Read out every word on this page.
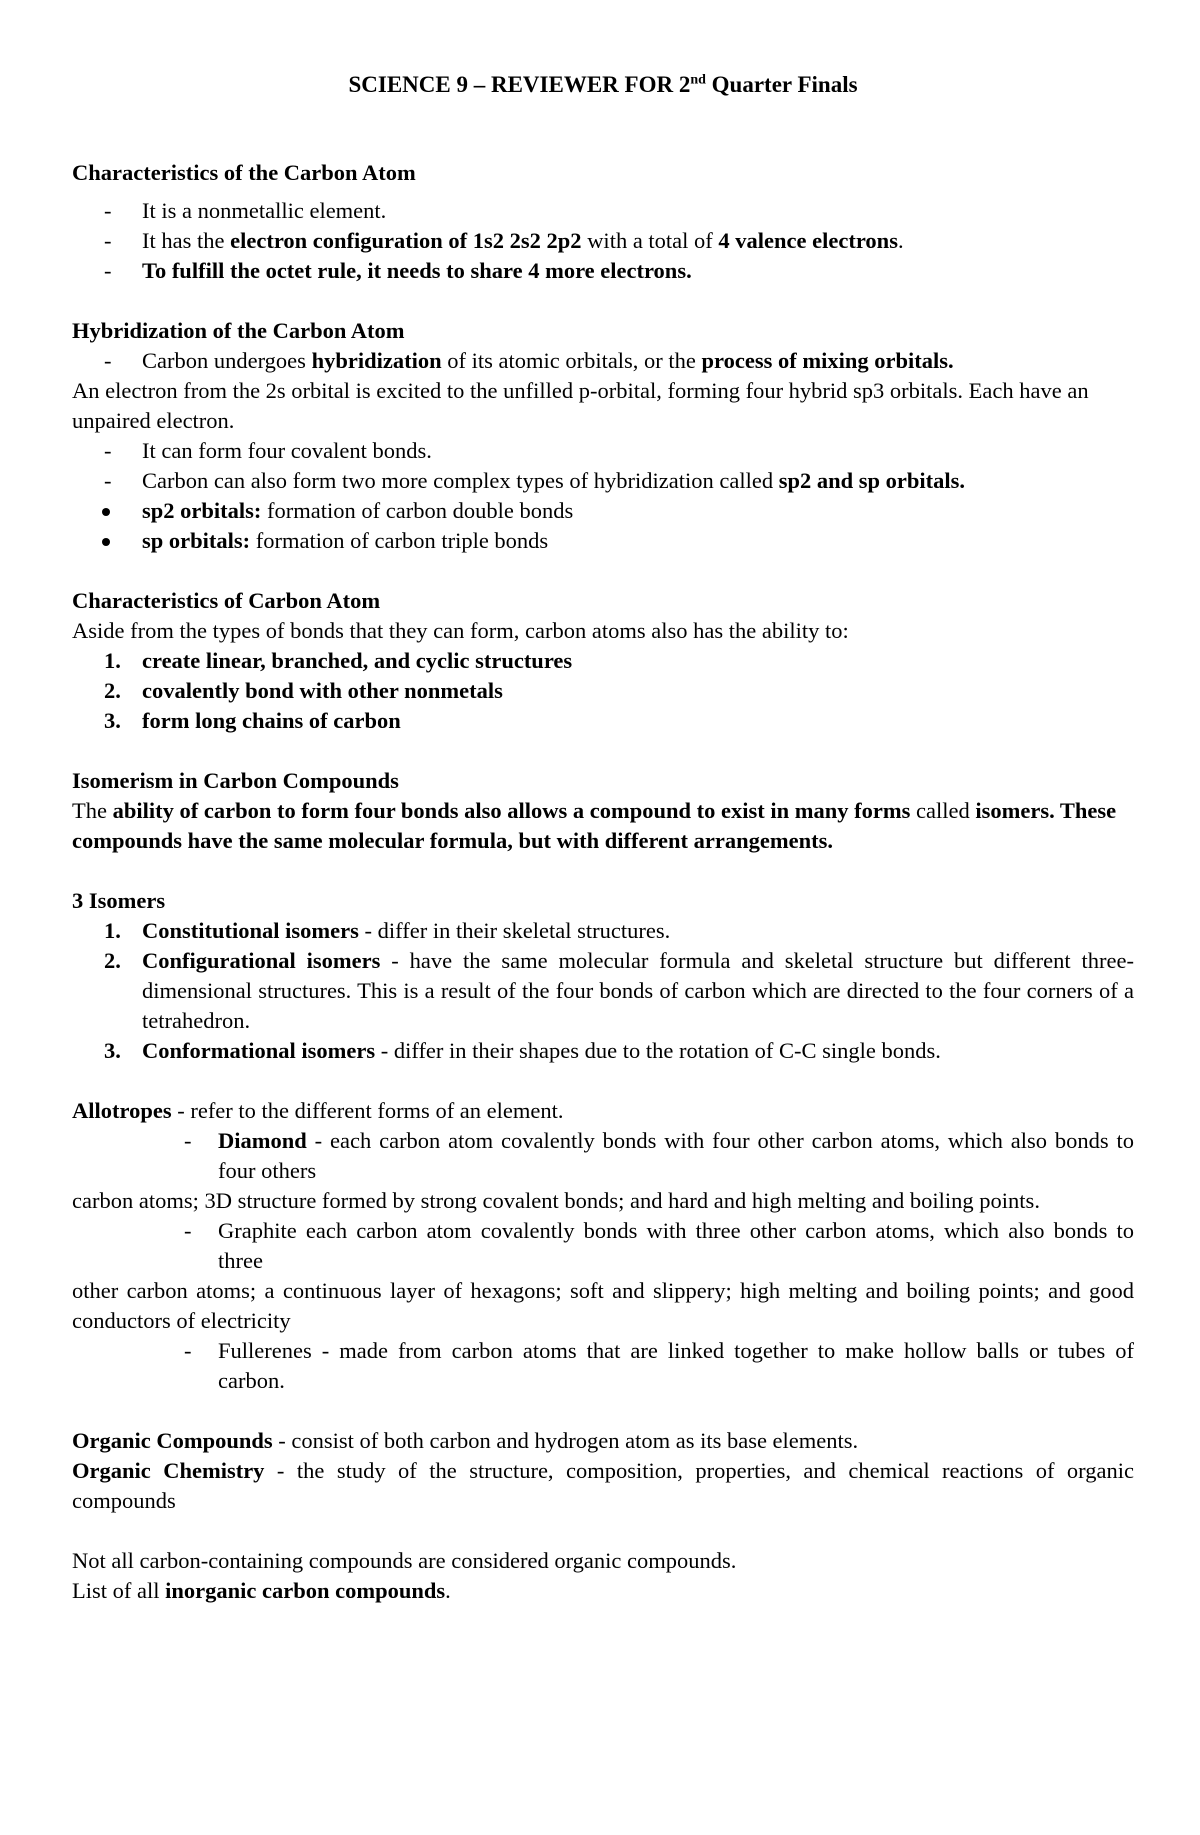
SCIENCE 9 – REVIEWER FOR 2nd Quarter Finals

Characteristics of the Carbon Atom

- It is a nonmetallic element.

- It has the electron configuration of 1s2 2s2 2p2 with a total of 4 valence electrons.

- To fulfill the octet rule, it needs to share 4 more electrons.

Hybridization of the Carbon Atom

- Carbon undergoes hybridization of its atomic orbitals, or the process of mixing orbitals.

An electron from the 2s orbital is excited to the unfilled p-orbital, forming four hybrid sp3 orbitals. Each have an unpaired electron.

- It can form four covalent bonds.

- Carbon can also form two more complex types of hybridization called sp2 and sp orbitals.

sp2 orbitals: formation of carbon double bonds

sp orbitals: formation of carbon triple bonds

Characteristics of Carbon Atom

Aside from the types of bonds that they can form, carbon atoms also has the ability to:

1. create linear, branched, and cyclic structures

2. covalently bond with other nonmetals

3. form long chains of carbon

Isomerism in Carbon Compounds

The ability of carbon to form four bonds also allows a compound to exist in many forms called isomers. These compounds have the same molecular formula, but with different arrangements.

3 Isomers

1. Constitutional isomers - differ in their skeletal structures.

2. Configurational isomers - have the same molecular formula and skeletal structure but different three-dimensional structures. This is a result of the four bonds of carbon which are directed to the four corners of a tetrahedron.

3. Conformational isomers - differ in their shapes due to the rotation of C-C single bonds.

Allotropes - refer to the different forms of an element.

- Diamond - each carbon atom covalently bonds with four other carbon atoms, which also bonds to four others

carbon atoms; 3D structure formed by strong covalent bonds; and hard and high melting and boiling points.

- Graphite each carbon atom covalently bonds with three other carbon atoms, which also bonds to three

other carbon atoms; a continuous layer of hexagons; soft and slippery; high melting and boiling points; and good conductors of electricity

- Fullerenes - made from carbon atoms that are linked together to make hollow balls or tubes of carbon.

Organic Compounds - consist of both carbon and hydrogen atom as its base elements.

Organic Chemistry - the study of the structure, composition, properties, and chemical reactions of organic compounds

Not all carbon-containing compounds are considered organic compounds.

List of all inorganic carbon compounds.
